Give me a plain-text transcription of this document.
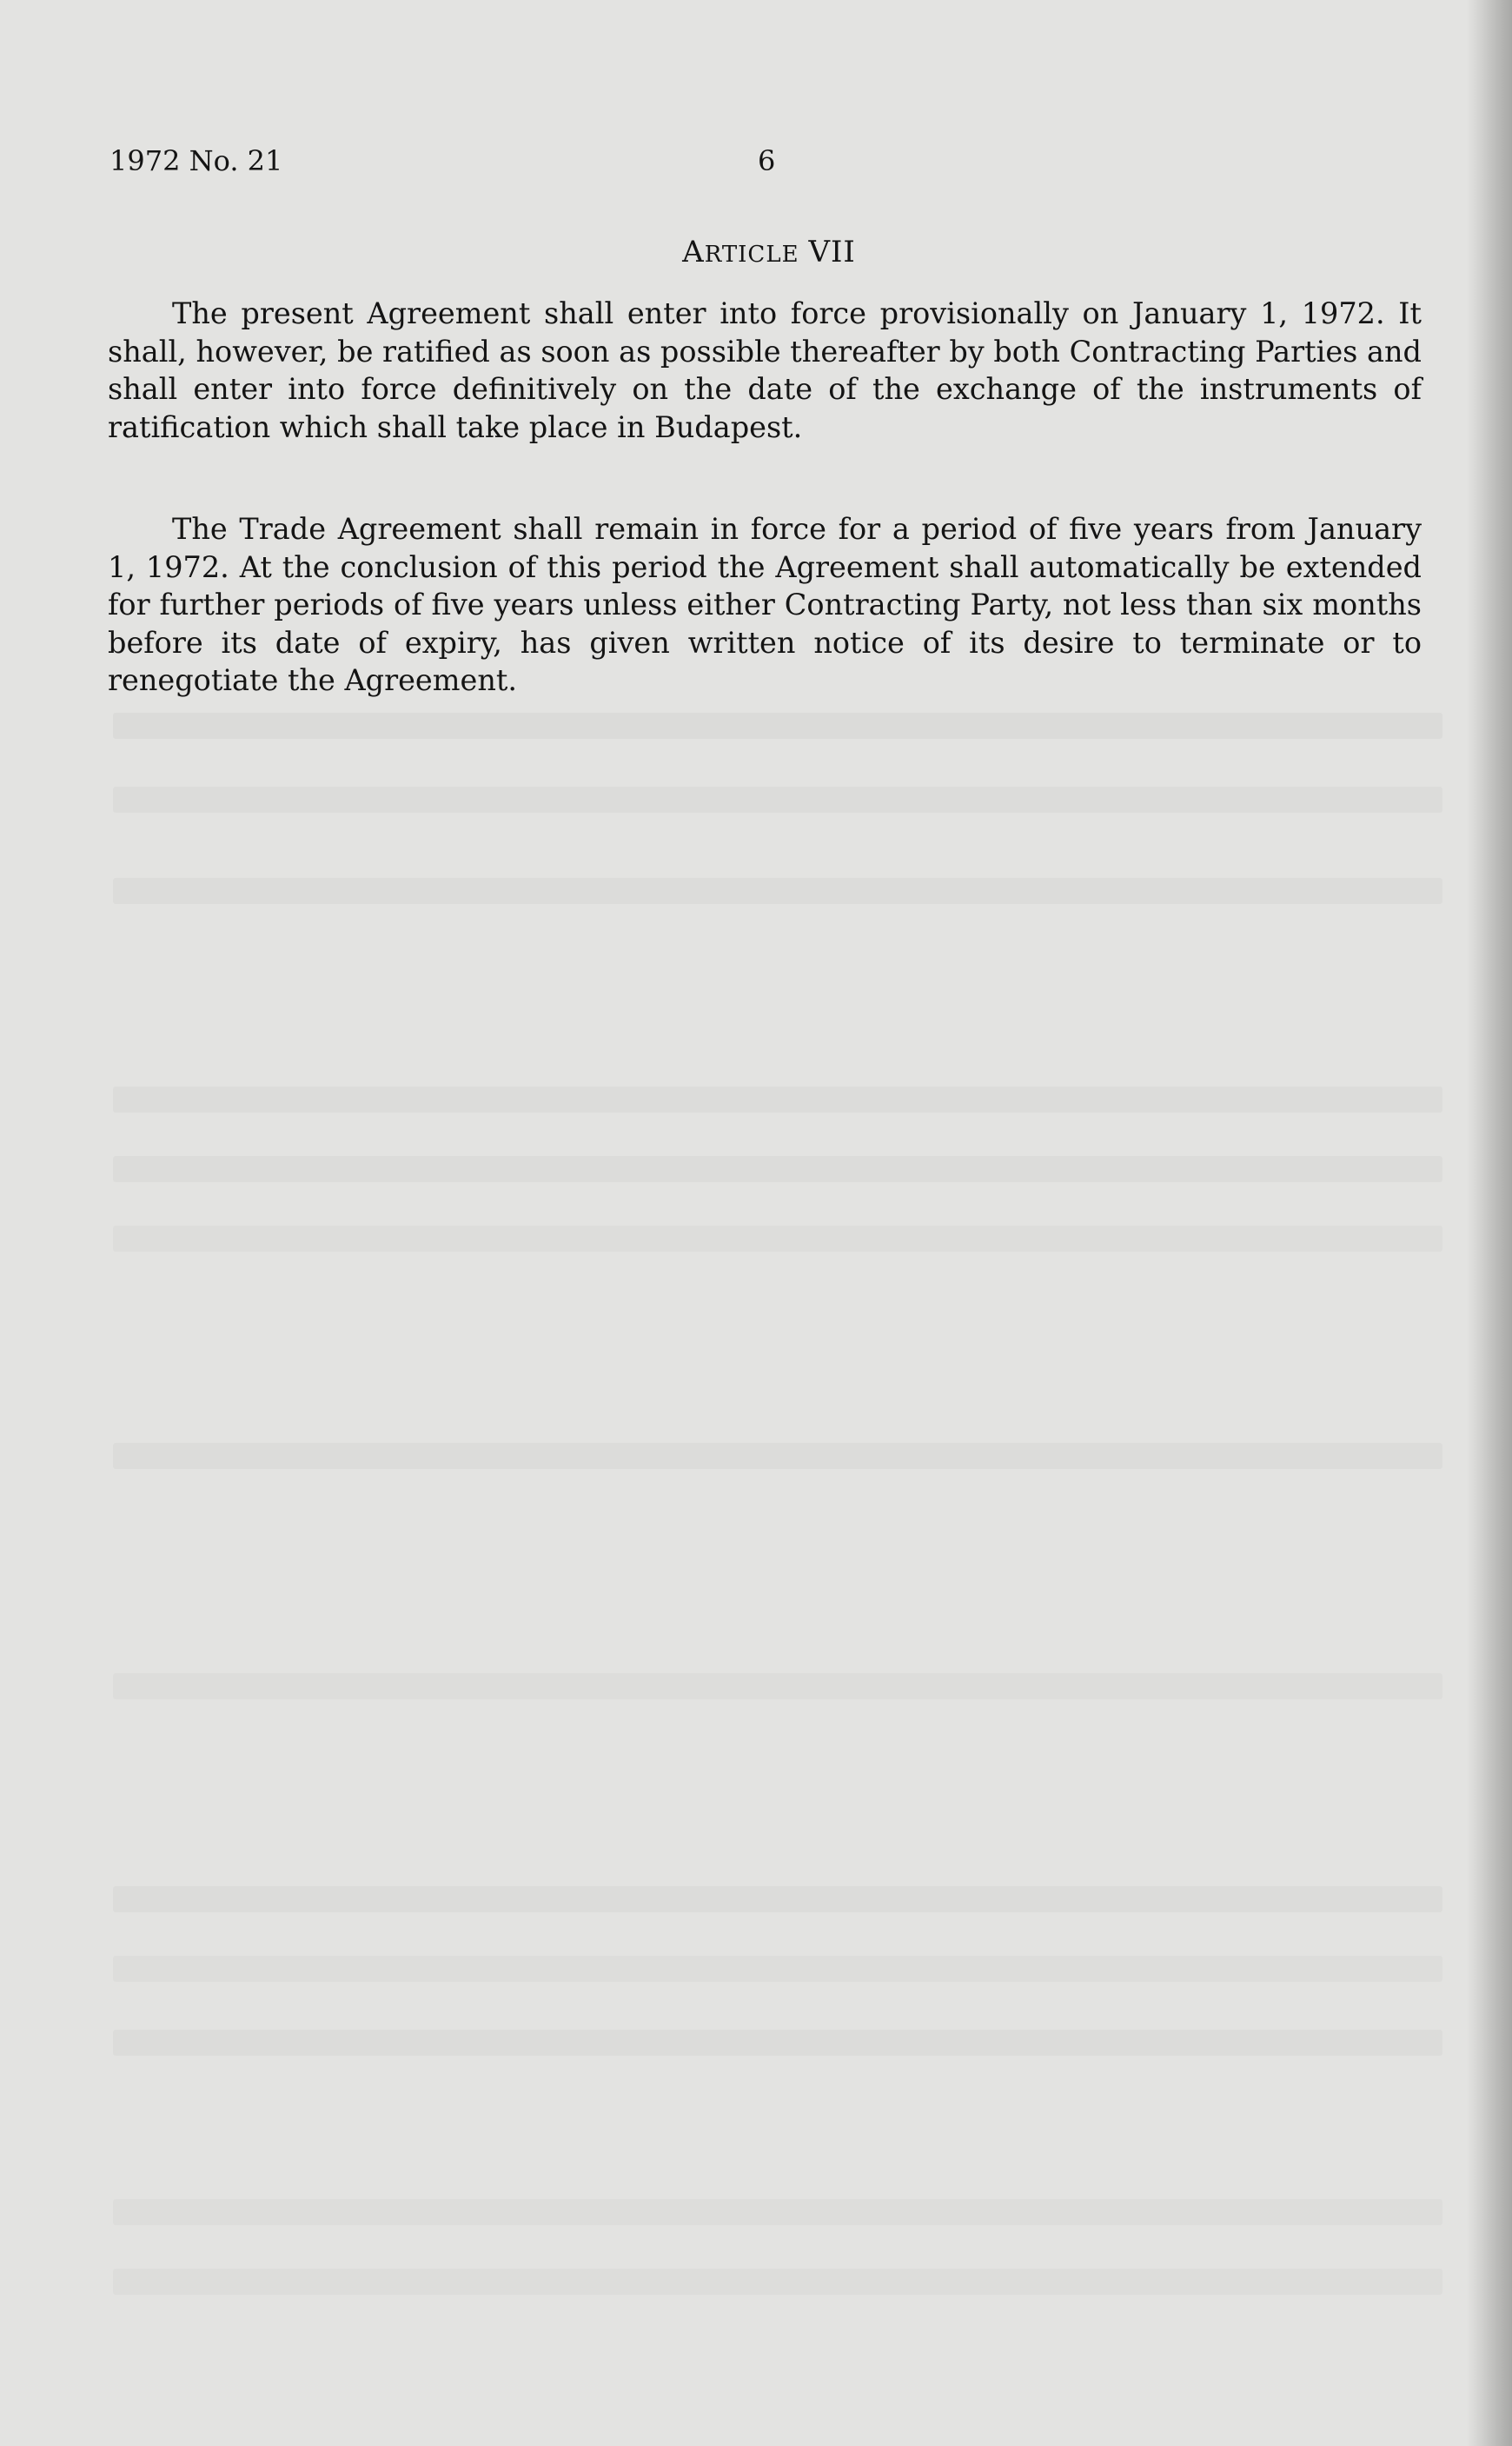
1972 No. 21	6
ARTICLE VII

The present Agreement shall enter into force provisionally on January 1, 1972. It shall, however, be ratified as soon as possible thereafter by both Contracting Parties and shall enter into force definitively on the date of the exchange of the instruments of ratification which shall take place in Budapest.

The Trade Agreement shall remain in force for a period of five years from January 1, 1972. At the conclusion of this period the Agreement shall automatically be extended for further periods of five years unless either Contracting Party, not less than six months before its date of expiry, has given written notice of its desire to terminate or to renegotiate the Agreement.
